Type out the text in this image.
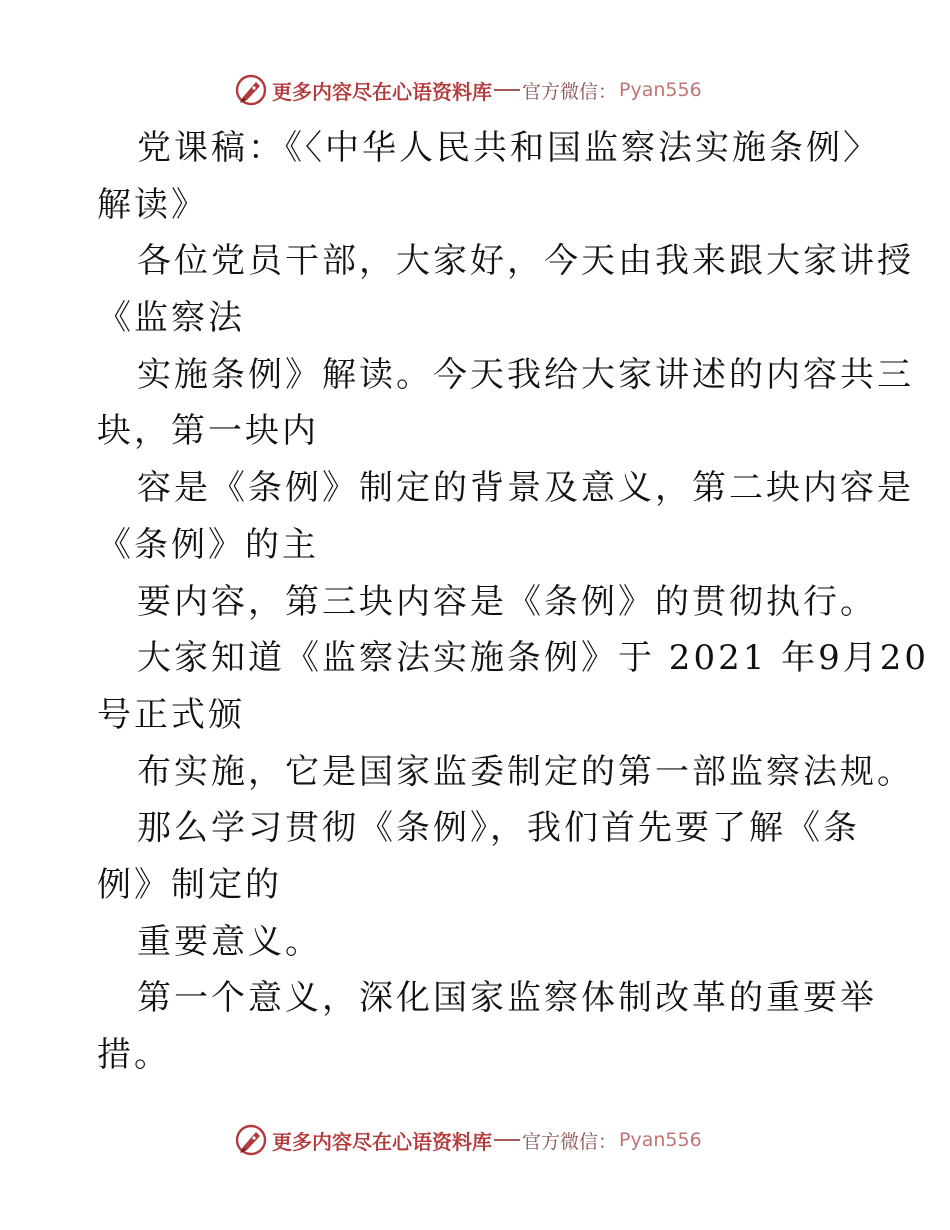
更多内容尽在心语资料库 官方微信： Pyan556
党课稿：《〈中华人民共和国监察法实施条例〉
解读》
各位党员干部，大家好，今天由我来跟大家讲授
《监察法
实施条例》解读。今天我给大家讲述的内容共三
块，第一块内
容是《条例》制定的背景及意义，第二块内容是
《条例》的主
要内容，第三块内容是《条例》的贯彻执行。
大家知道《监察法实施条例》于 2021 年9月20
号正式颁
布实施，它是国家监委制定的第一部监察法规。
那么学习贯彻《条例》，我们首先要了解《条
例》制定的
重要意义。
第一个意义，深化国家监察体制改革的重要举
措。
更多内容尽在心语资料库 官方微信： Pyan556
